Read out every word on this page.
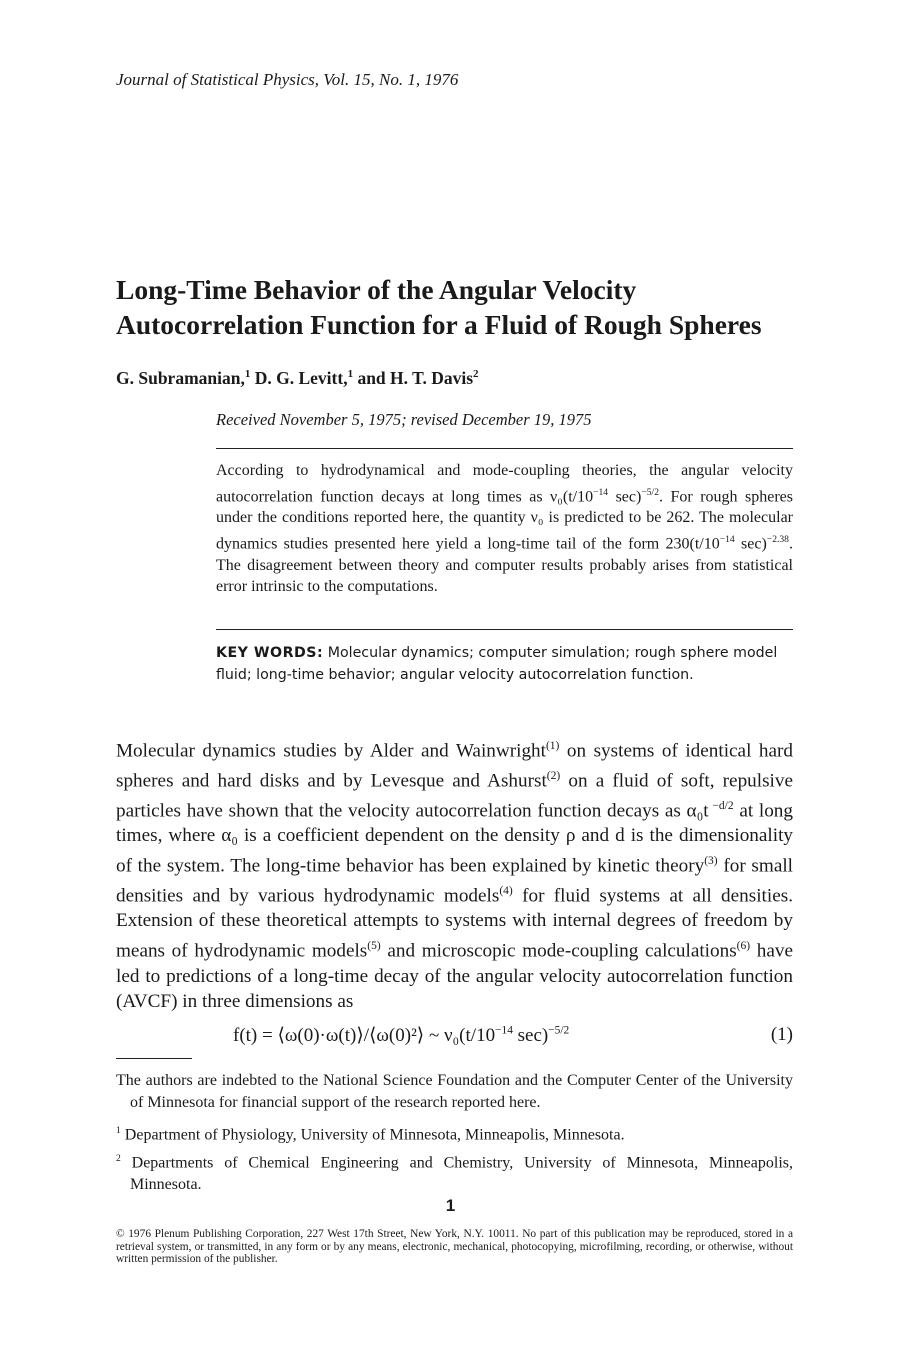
Journal of Statistical Physics, Vol. 15, No. 1, 1976
Long-Time Behavior of the Angular Velocity
Autocorrelation Function for a Fluid of Rough Spheres
G. Subramanian,$^1$ D. G. Levitt,$^1$ and H. T. Davis$^2$
Received November 5, 1975; revised December 19, 1975
According to hydrodynamical and mode-coupling theories, the angular velocity autocorrelation function decays at long times as $\nu_0(t/10^{-14}$ sec)$^{-5/2}$. For rough spheres under the conditions reported here, the quantity ν₀ is predicted to be 262. The molecular dynamics studies presented here yield a long-time tail of the form $230(t/10^{-14}$ sec)$^{-2.38}$. The disagreement between theory and computer results probably arises from statistical error intrinsic to the computations.
KEY WORDS: Molecular dynamics; computer simulation; rough sphere model fluid; long-time behavior; angular velocity autocorrelation function.
Molecular dynamics studies by Alder and Wainwright$^{(1)}$ on systems of identical hard spheres and hard disks and by Levesque and Ashurst$^{(2)}$ on a fluid of soft, repulsive particles have shown that the velocity autocorrelation function decays as α₀t $^{-d/2}$ at long times, where α₀ is a coefficient dependent on the density ρ and d is the dimensionality of the system. The long-time behavior has been explained by kinetic theory$^{(3)}$ for small densities and by various hydrodynamic models$^{(4)}$ for fluid systems at all densities. Extension of these theoretical attempts to systems with internal degrees of freedom by means of hydrodynamic models$^{(5)}$ and microscopic mode-coupling calculations$^{(6)}$ have led to predictions of a long-time decay of the angular velocity autocorrelation function (AVCF) in three dimensions as
f(t) = ⟨ω(0)·ω(t)⟩/⟨ω(0)²⟩ ~ $\nu_0(t/10^{-14}$ sec)$^{-5/2}$	(1)
The authors are indebted to the National Science Foundation and the Computer Center of the University of Minnesota for financial support of the research reported here.
$^1$ Department of Physiology, University of Minnesota, Minneapolis, Minnesota.
$^2$ Departments of Chemical Engineering and Chemistry, University of Minnesota, Minneapolis, Minnesota.
1
© 1976 Plenum Publishing Corporation, 227 West 17th Street, New York, N.Y. 10011. No part of this publication may be reproduced, stored in a retrieval system, or transmitted, in any form or by any means, electronic, mechanical, photocopying, microfilming, recording, or otherwise, without written permission of the publisher.
